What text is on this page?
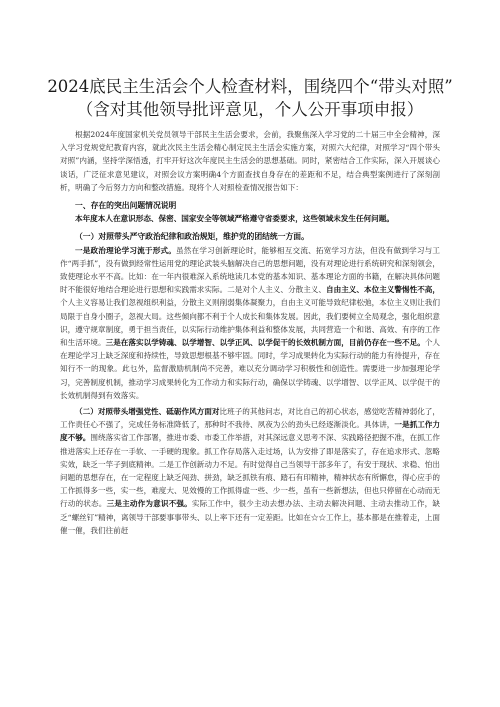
2024底民主生活会个人检查材料，围绕四个“带头对照”
（含对其他领导批评意见，个人公开事项申报）

根据2024年度国家机关党员领导干部民主生活会要求，会前，我聚焦深入学习党的二十届三中全会精神，深入学习党规党纪教育内容，就此次民主生活会精心制定民主生活会实施方案，对照六大纪律，对照学习“四个带头对照”内涵，坚持学深悟透，打牢开好这次年度民主生活会的思想基础。同时，紧密结合工作实际，深入开展谈心谈话，广泛征求意见建议，对照会议方案明确4个方面查找自身存在的差距和不足，结合典型案例进行了深刻剖析，明确了今后努力方向和整改措施。现将个人对照检查情况报告如下：

一、存在的突出问题情况说明

本年度本人在意识形态、保密、国家安全等领域严格遵守省委要求，这些领域未发生任何问题。

（一）对照带头严守政治纪律和政治规矩，维护党的团结统一方面。

一是政治理论学习流于形式。虽然在学习创新理论时，能够相互交流、拓宽学习方法，但没有做到学习与工作“两手抓”，没有做到经常性运用党的理论武装头脑解决自己的思想问题，没有对理论进行系统研究和深刻领会，致使理论水平不高。比如：在一年内很难深入系统地读几本党的基本知识、基本理论方面的书籍，在解决具体问题时不能很好地结合理论进行思想和实践需求实际。二是对个人主义、分散主义、自由主义、本位主义警惕性不高，个人主义容易让我们忽视组织利益，分散主义则削弱集体凝聚力，自由主义可能导致纪律松弛，本位主义则让我们局限于自身小圈子，忽视大局。这些倾向都不利于个人成长和集体发展。因此，我们要树立全局观念，强化组织意识，遵守规章制度，勇于担当责任，以实际行动维护集体利益和整体发展，共同营造一个和谐、高效、有序的工作和生活环境。三是在落实以学铸魂、以学增智、以学正风、以学促干的长效机制方面，目前仍存在一些不足。个人在理论学习上缺乏深度和持续性，导致思想根基不够牢固。同时，学习成果转化为实际行动的能力有待提升，存在知行不一的现象。此乜外，监督激励机制尚不完善，难以充分调动学习积极性和创造性。需要进一步加强理论学习，完善制度机制，推动学习成果转化为工作动力和实际行动，确保以学铸魂、以学增智、以学正风、以学促干的长效机制得到有效落实。

（二）对照带头增强党性、砥砺作风方面对比班子的其他问志，对比自己的初心状态，感觉吃苦精神弱化了，工作责任心不强了，完成任务标准降低了，那种时不我待、夙夜为公的劲头已经逐渐淡化。具体讲，一是抓工作力度不够。围绕落实省工作部署，推进市委、市委工作举措，对其深远意义思考不深、实践路径把握不准，在抓工作推进落实上还存在一手软、一手硬的现象。抓工作存局落入走过场，认为安排了即是落实了，存在追求形式、忽略实效，缺乏一竿子到底精神。二是工作创新动力不足。有时觉得自己当领导干部多年了，有安于现状、求稳、怕出问题的思想存在，在一定程度上缺乏闯劲、拼劲，缺乏抓铁有痕、踏石有印精神，精神状态有所懈怠，得心应手的工作抓得多一些，实一些，难度大、见效慢的工作抓得虚一些、少一些，虽有一些新想法，但也只停留在心动而无行动的状态。三是主动作为意识不强。实际工作中，很少主动去想办法、主动去解决问题、主动去推动工作，缺乏“螺丝钉”精神，离领导干部要事事带头、以上率下还有一定差距。比如在☆☆工作上，基本都是在推着走，上面催一催，我们往前赶
